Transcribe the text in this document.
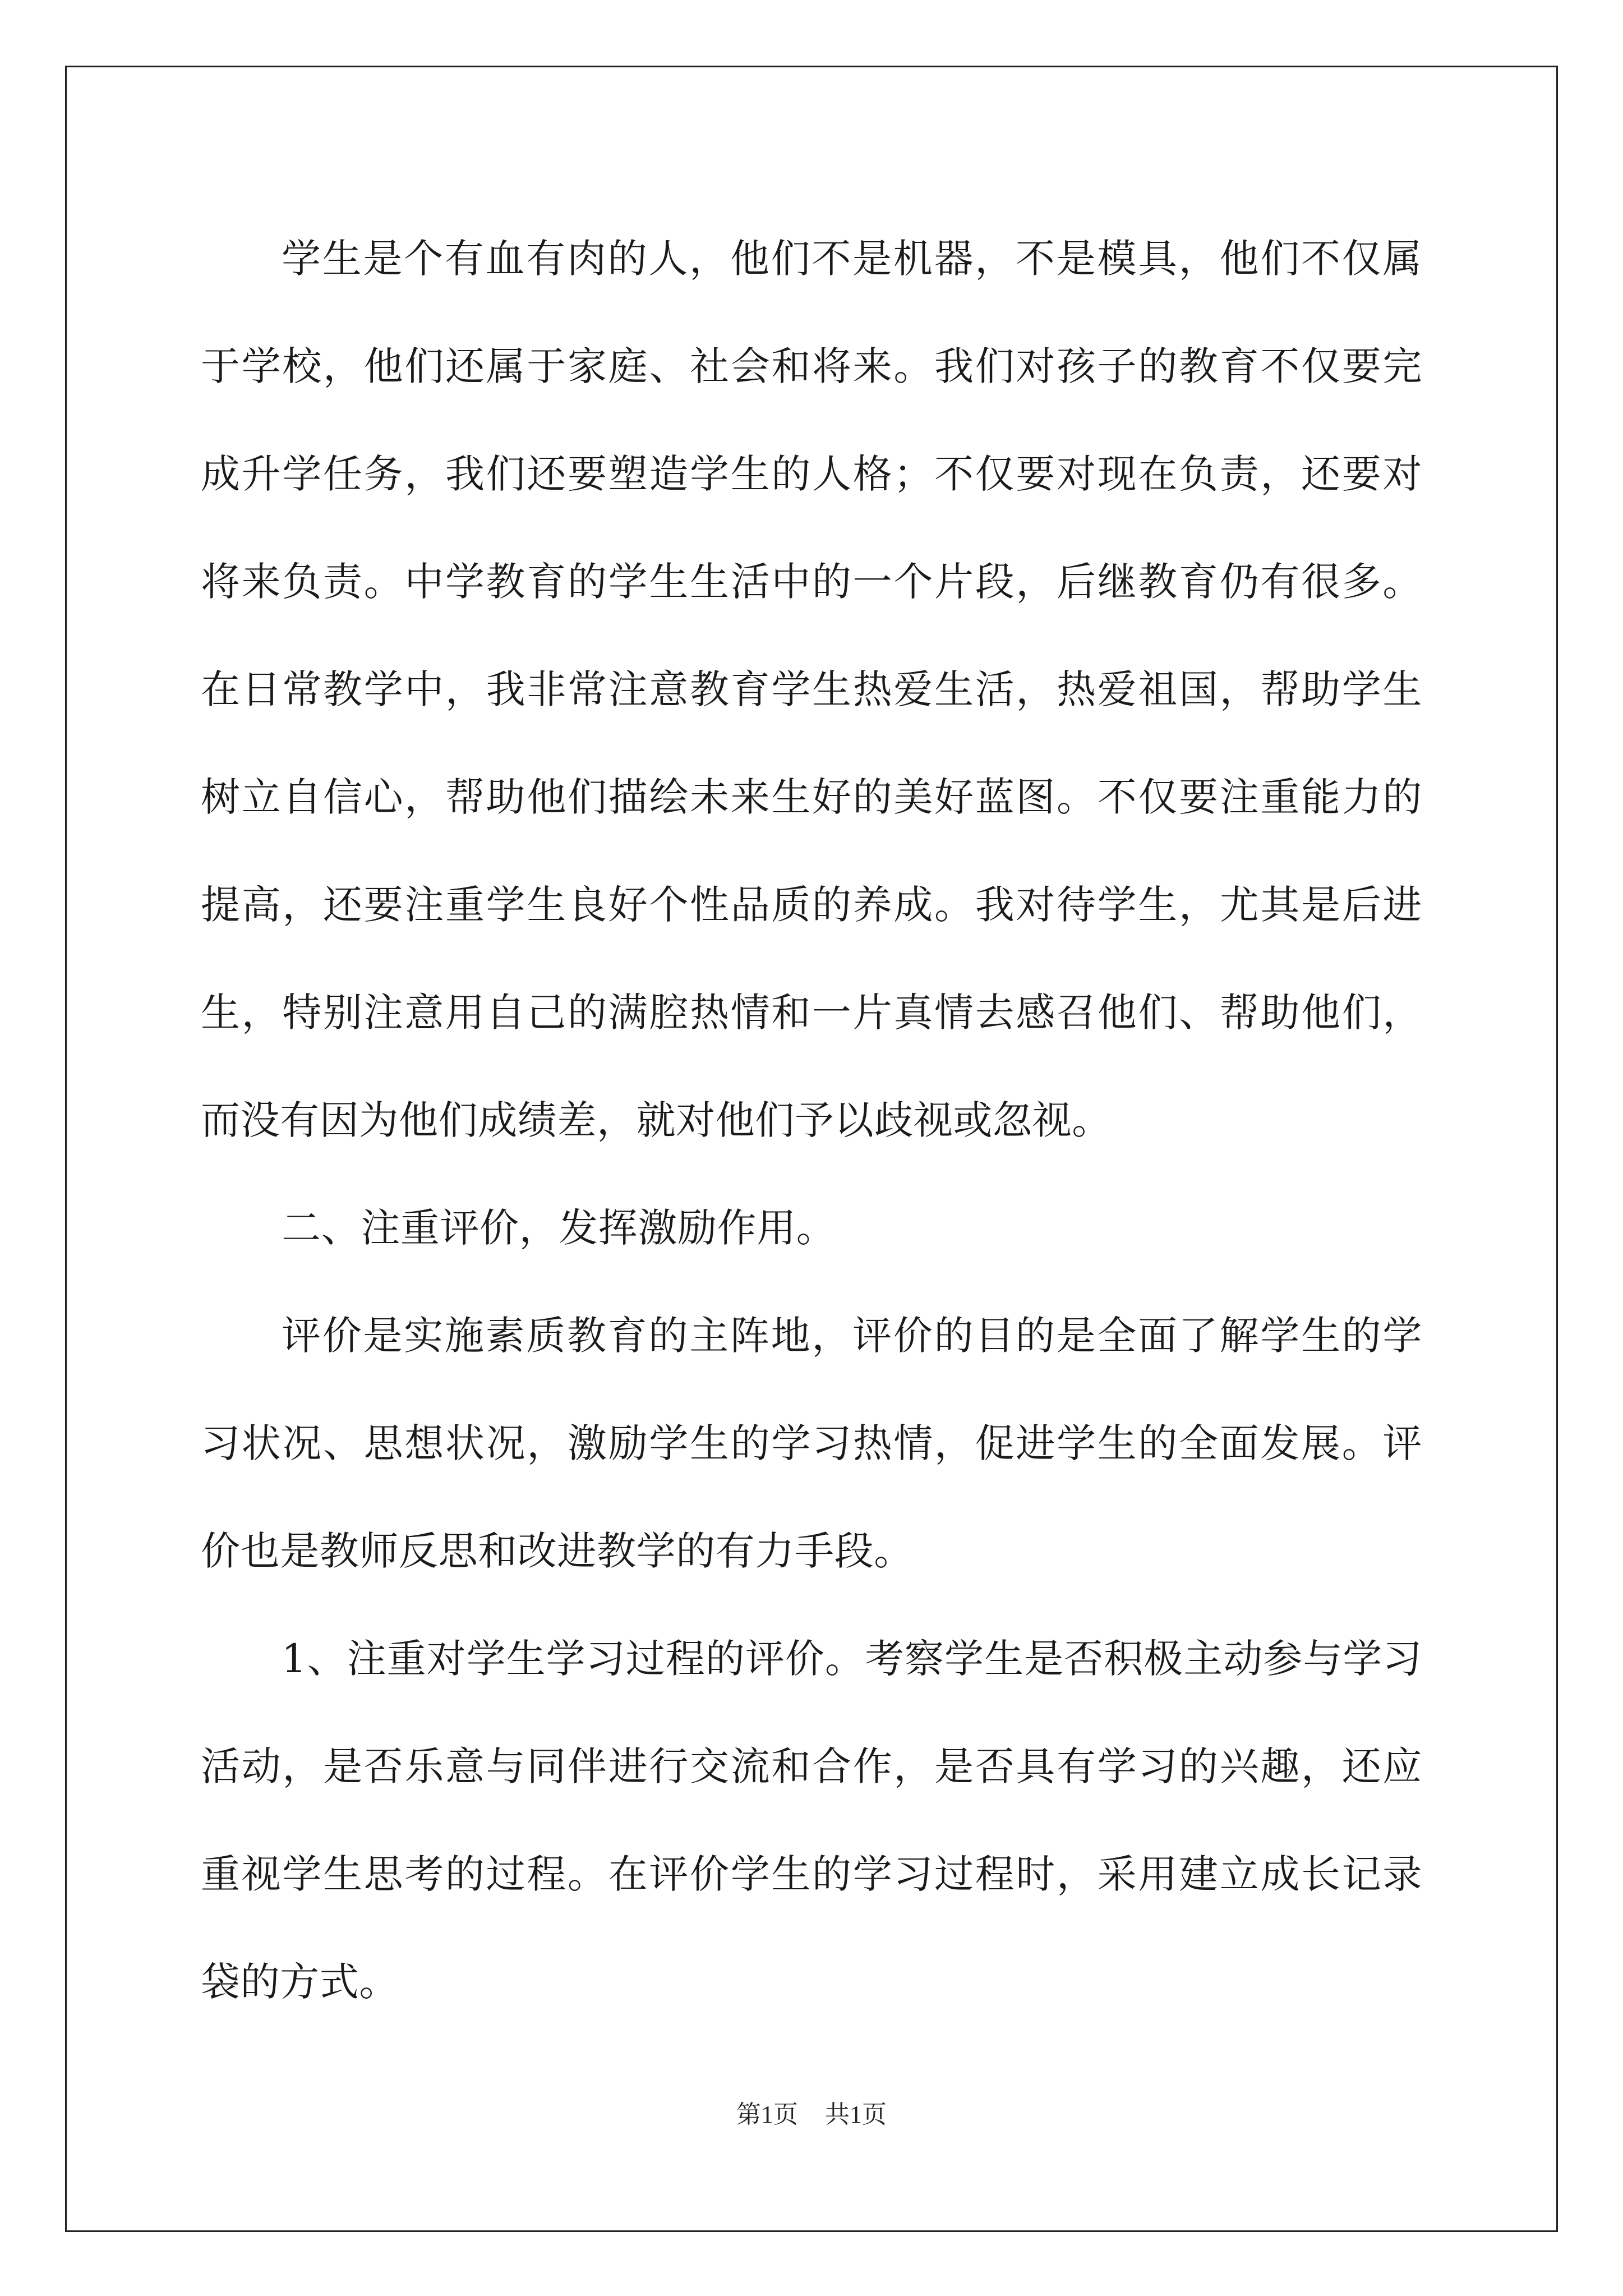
学生是个有血有肉的人，他们不是机器，不是模具，他们不仅属于学校，他们还属于家庭、社会和将来。我们对孩子的教育不仅要完成升学任务，我们还要塑造学生的人格；不仅要对现在负责，还要对将来负责。中学教育的学生生活中的一个片段，后继教育仍有很多。在日常教学中，我非常注意教育学生热爱生活，热爱祖国，帮助学生树立自信心，帮助他们描绘未来生好的美好蓝图。不仅要注重能力的提高，还要注重学生良好个性品质的养成。我对待学生，尤其是后进生，特别注意用自己的满腔热情和一片真情去感召他们、帮助他们，而没有因为他们成绩差，就对他们予以歧视或忽视。

二、注重评价，发挥激励作用。

评价是实施素质教育的主阵地，评价的目的是全面了解学生的学习状况、思想状况，激励学生的学习热情，促进学生的全面发展。评价也是教师反思和改进教学的有力手段。

1、注重对学生学习过程的评价。考察学生是否积极主动参与学习活动，是否乐意与同伴进行交流和合作，是否具有学习的兴趣，还应重视学生思考的过程。在评价学生的学习过程时，采用建立成长记录袋的方式。

第1页 共1页
